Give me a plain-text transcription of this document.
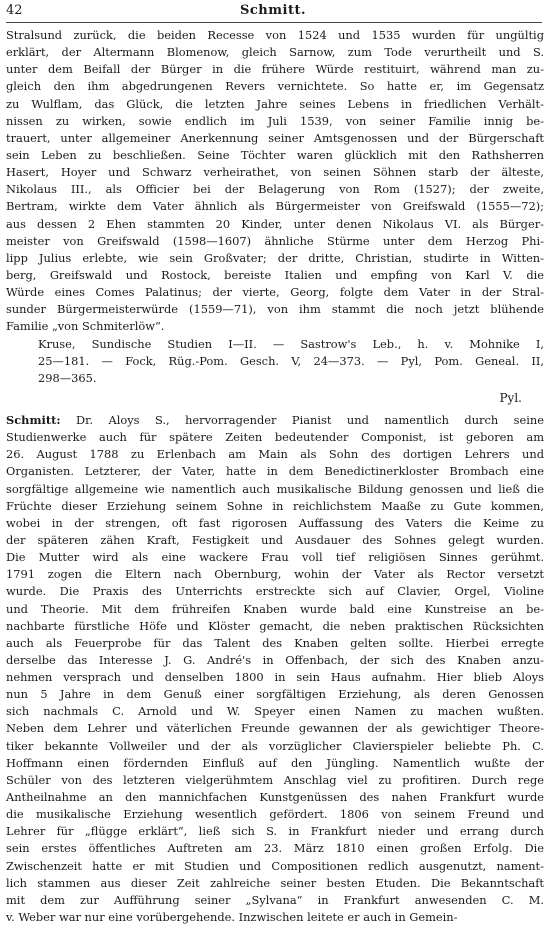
42	Schmitt.
Stralsund zurück, die beiden Recesse von 1524 und 1535 wurden für ungültig
erklärt, der Altermann Blomenow, gleich Sarnow, zum Tode verurtheilt und S.
unter dem Beifall der Bürger in die frühere Würde restituirt, während man zu-
gleich den ihm abgedrungenen Revers vernichtete. So hatte er, im Gegensatz
zu Wulflam, das Glück, die letzten Jahre seines Lebens in friedlichen Verhält-
nissen zu wirken, sowie endlich im Juli 1539, von seiner Familie innig be-
trauert, unter allgemeiner Anerkennung seiner Amtsgenossen und der Bürgerschaft
sein Leben zu beschließen. Seine Töchter waren glücklich mit den Rathsherren
Hasert, Hoyer und Schwarz verheirathet, von seinen Söhnen starb der älteste,
Nikolaus III., als Officier bei der Belagerung von Rom (1527); der zweite,
Bertram, wirkte dem Vater ähnlich als Bürgermeister von Greifswald (1555—72);
aus dessen 2 Ehen stammten 20 Kinder, unter denen Nikolaus VI. als Bürger-
meister von Greifswald (1598—1607) ähnliche Stürme unter dem Herzog Phi-
lipp Julius erlebte, wie sein Großvater; der dritte, Christian, studirte in Witten-
berg, Greifswald und Rostock, bereiste Italien und empfing von Karl V. die
Würde eines Comes Palatinus; der vierte, Georg, folgte dem Vater in der Stral-
sunder Bürgermeisterwürde (1559—71), von ihm stammt die noch jetzt blühende
Familie „von Schmiterlöw“.
Kruse, Sundische Studien I—II. — Sastrow's Leb., h. v. Mohnike I,
25—181. — Fock, Rüg.-Pom. Gesch. V, 24—373. — Pyl, Pom. Geneal. II,
298—365.
Pyl.
Schmitt: Dr. Aloys S., hervorragender Pianist und namentlich durch seine
Studienwerke auch für spätere Zeiten bedeutender Componist, ist geboren am
26. August 1788 zu Erlenbach am Main als Sohn des dortigen Lehrers und
Organisten. Letzterer, der Vater, hatte in dem Benedictinerkloster Brombach eine
sorgfältige allgemeine wie namentlich auch musikalische Bildung genossen und ließ die
Früchte dieser Erziehung seinem Sohne in reichlichstem Maaße zu Gute kommen,
wobei in der strengen, oft fast rigorosen Auffassung des Vaters die Keime zu
der späteren zähen Kraft, Festigkeit und Ausdauer des Sohnes gelegt wurden.
Die Mutter wird als eine wackere Frau voll tief religiösen Sinnes gerühmt.
1791 zogen die Eltern nach Obernburg, wohin der Vater als Rector versetzt
wurde. Die Praxis des Unterrichts erstreckte sich auf Clavier, Orgel, Violine
und Theorie. Mit dem frühreifen Knaben wurde bald eine Kunstreise an be-
nachbarte fürstliche Höfe und Klöster gemacht, die neben praktischen Rücksichten
auch als Feuerprobe für das Talent des Knaben gelten sollte. Hierbei erregte
derselbe das Interesse J. G. André's in Offenbach, der sich des Knaben anzu-
nehmen versprach und denselben 1800 in sein Haus aufnahm. Hier blieb Aloys
nun 5 Jahre in dem Genuß einer sorgfältigen Erziehung, als deren Genossen
sich nachmals C. Arnold und W. Speyer einen Namen zu machen wußten.
Neben dem Lehrer und väterlichen Freunde gewannen der als gewichtiger Theore-
tiker bekannte Vollweiler und der als vorzüglicher Clavierspieler beliebte Ph. C.
Hoffmann einen fördernden Einfluß auf den Jüngling. Namentlich wußte der
Schüler von des letzteren vielgerühmtem Anschlag viel zu profitiren. Durch rege
Antheilnahme an den mannichfachen Kunstgenüssen des nahen Frankfurt wurde
die musikalische Erziehung wesentlich gefördert. 1806 von seinem Freund und
Lehrer für „flügge erklärt“, ließ sich S. in Frankfurt nieder und errang durch
sein erstes öffentliches Auftreten am 23. März 1810 einen großen Erfolg. Die
Zwischenzeit hatte er mit Studien und Compositionen redlich ausgenutzt, nament-
lich stammen aus dieser Zeit zahlreiche seiner besten Etuden. Die Bekanntschaft
mit dem zur Aufführung seiner „Sylvana“ in Frankfurt anwesenden C. M.
v. Weber war nur eine vorübergehende. Inzwischen leitete er auch in Gemein-
